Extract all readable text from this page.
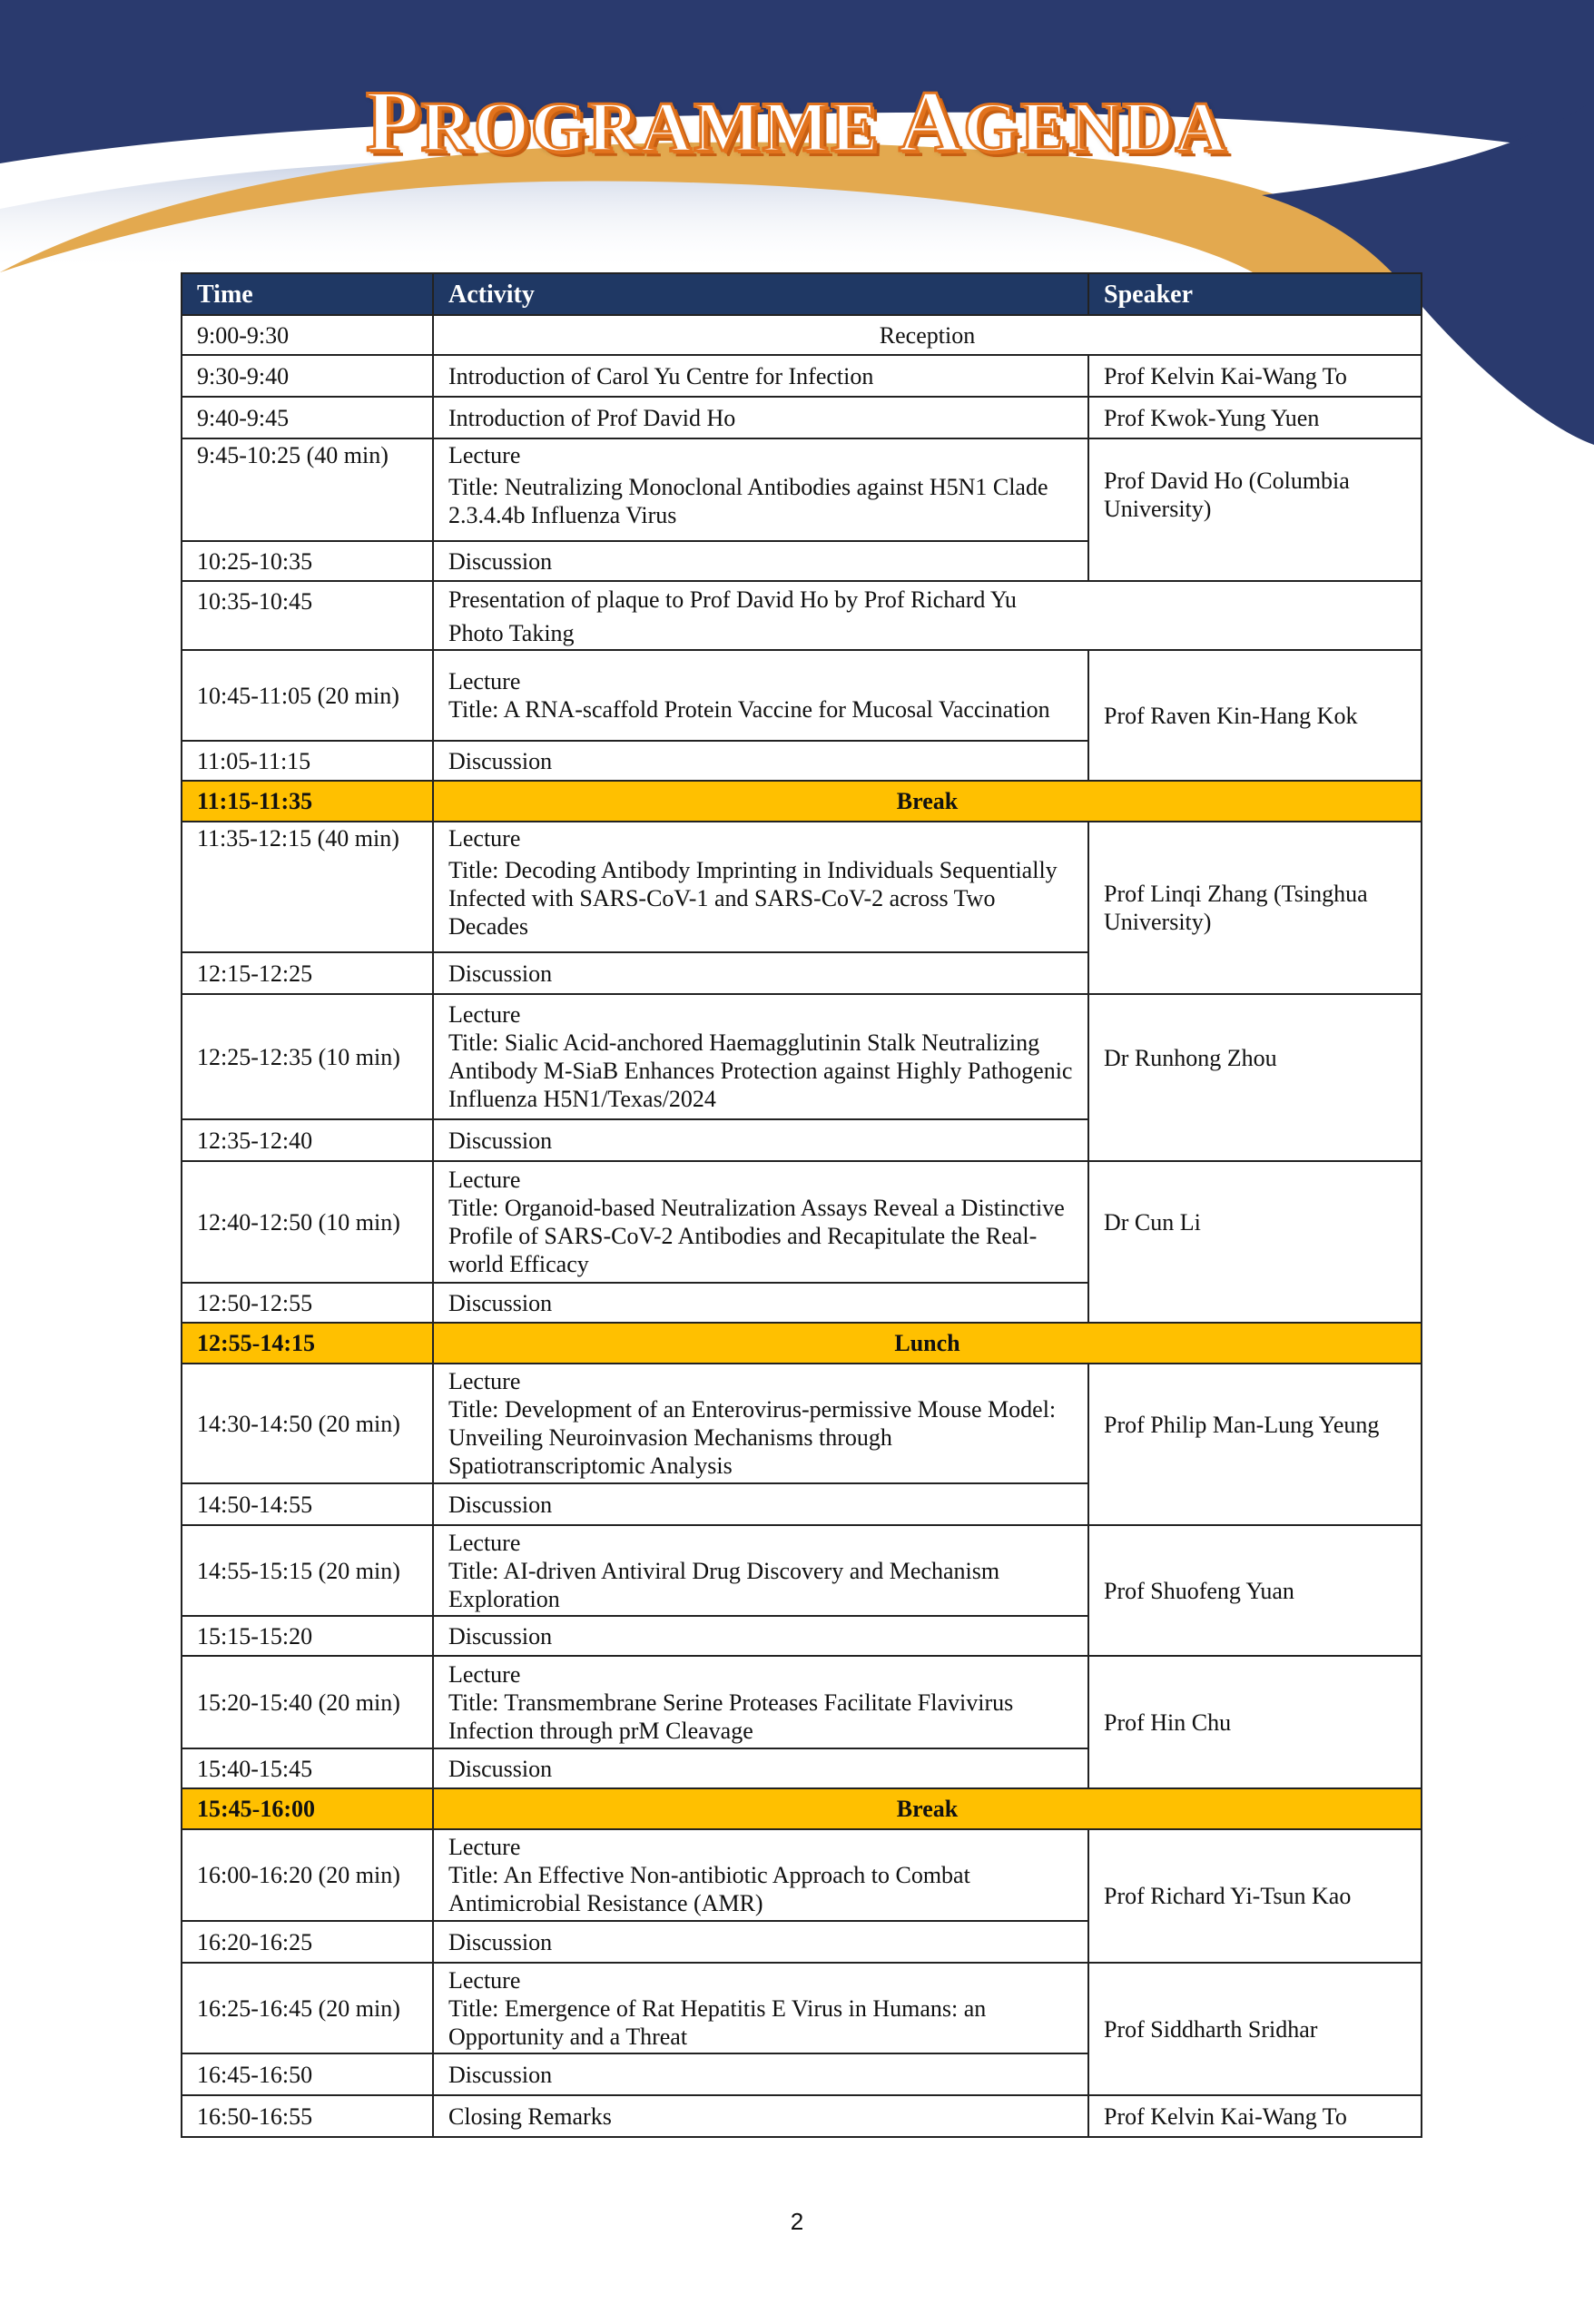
PROGRAMME AGENDA
Time	Activity	Speaker
9:00-9:30	Reception	
9:30-9:40	Introduction of Carol Yu Centre for Infection	Prof Kelvin Kai-Wang To
9:40-9:45	Introduction of Prof David Ho	Prof Kwok-Yung Yuen
9:45-10:25 (40 min)	Lecture
Title: Neutralizing Monoclonal Antibodies against H5N1 Clade 2.3.4.4b Influenza Virus	Prof David Ho (Columbia University)
10:25-10:35	Discussion	
10:35-10:45	Presentation of plaque to Prof David Ho by Prof Richard Yu
Photo Taking	

10:45-11:05 (20 min)	Lecture
Title: A RNA-scaffold Protein Vaccine for Mucosal Vaccination	Prof Raven Kin-Hang Kok
11:05-11:15	Discussion	
11:15-11:35	Break	
11:35-12:15 (40 min)	Lecture
Title: Decoding Antibody Imprinting in Individuals Sequentially Infected with SARS-CoV-1 and SARS-CoV-2 across Two Decades	Prof Linqi Zhang (Tsinghua University)
12:15-12:25	Discussion	
12:25-12:35 (10 min)	Lecture
Title: Sialic Acid-anchored Haemagglutinin Stalk Neutralizing Antibody M-SiaB Enhances Protection against Highly Pathogenic Influenza H5N1/Texas/2024	Dr Runhong Zhou
12:35-12:40	Discussion	
12:40-12:50 (10 min)	Lecture
Title: Organoid-based Neutralization Assays Reveal a Distinctive Profile of SARS-CoV-2 Antibodies and Recapitulate the Real-world Efficacy	Dr Cun Li
12:50-12:55	Discussion	
12:55-14:15	Lunch	
14:30-14:50 (20 min)	Lecture
Title: Development of an Enterovirus-permissive Mouse Model: Unveiling Neuroinvasion Mechanisms through Spatiotranscriptomic Analysis	Prof Philip Man-Lung Yeung
14:50-14:55	Discussion	
14:55-15:15 (20 min)	Lecture
Title: AI-driven Antiviral Drug Discovery and Mechanism Exploration	Prof Shuofeng Yuan
15:15-15:20	Discussion	
15:20-15:40 (20 min)	Lecture
Title: Transmembrane Serine Proteases Facilitate Flavivirus Infection through prM Cleavage	Prof Hin Chu
15:40-15:45	Discussion	
15:45-16:00	Break	
16:00-16:20 (20 min)	Lecture
Title: An Effective Non-antibiotic Approach to Combat Antimicrobial Resistance (AMR)	Prof Richard Yi-Tsun Kao
16:20-16:25	Discussion	
16:25-16:45 (20 min)	Lecture
Title: Emergence of Rat Hepatitis E Virus in Humans: an Opportunity and a Threat	Prof Siddharth Sridhar
16:45-16:50	Discussion	
16:50-16:55	Closing Remarks	Prof Kelvin Kai-Wang To
2
